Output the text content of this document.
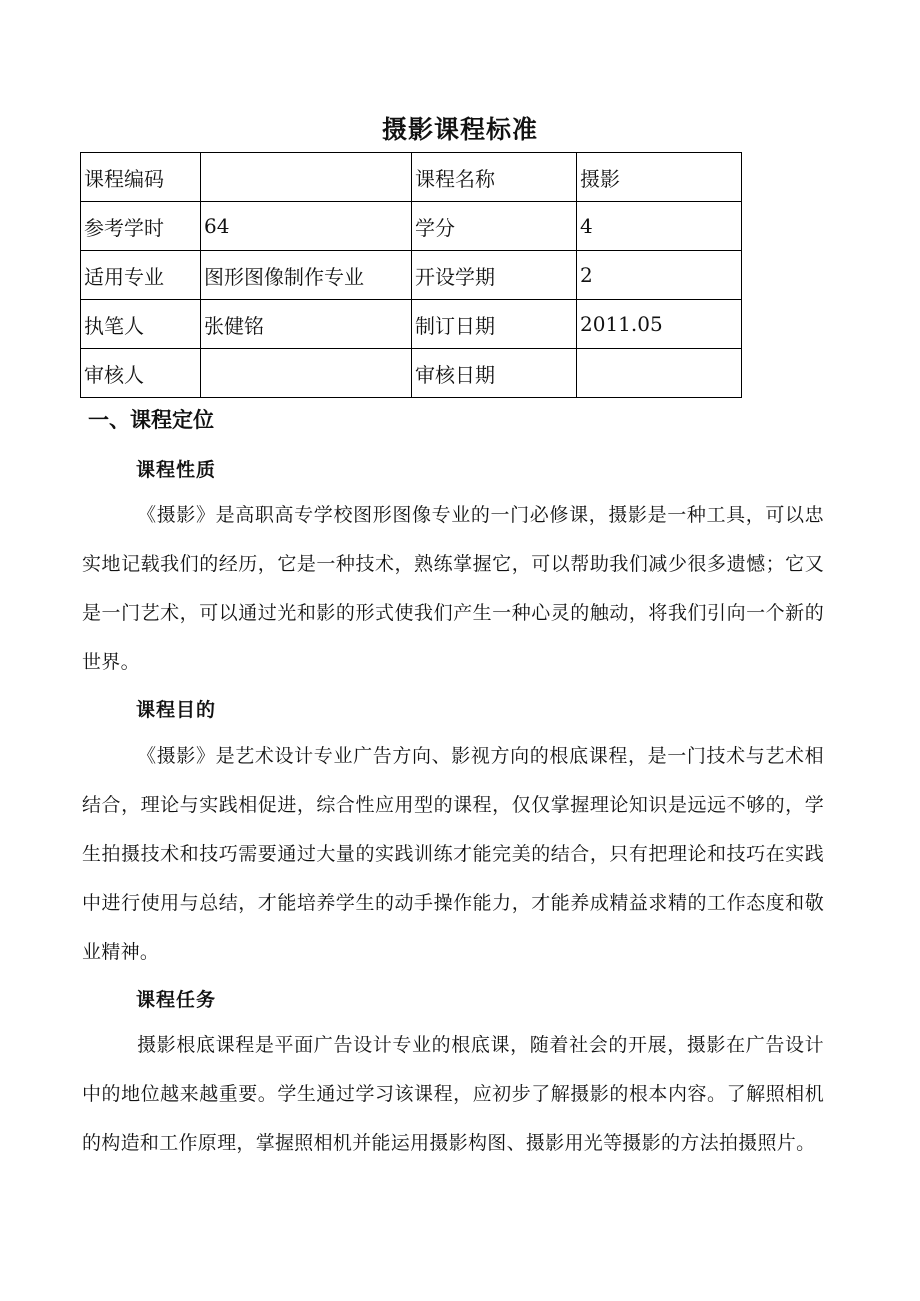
摄影课程标准
课程编码		课程名称	摄影
参考学时	64	学分	4
适用专业	图形图像制作专业	开设学期	2
执笔人	张健铭	制订日期	2011.05
审核人		审核日期	
一、课程定位
课程性质

《摄影》是高职高专学校图形图像专业的一门必修课，摄影是一种工具，可以忠实地记载我们的经历，它是一种技术，熟练掌握它，可以帮助我们减少很多遗憾；它又是一门艺术，可以通过光和影的形式使我们产生一种心灵的触动，将我们引向一个新的世界。

课程目的

《摄影》是艺术设计专业广告方向、影视方向的根底课程，是一门技术与艺术相结合，理论与实践相促进，综合性应用型的课程，仅仅掌握理论知识是远远不够的，学生拍摄技术和技巧需要通过大量的实践训练才能完美的结合，只有把理论和技巧在实践中进行使用与总结，才能培养学生的动手操作能力，才能养成精益求精的工作态度和敬业精神。

课程任务

摄影根底课程是平面广告设计专业的根底课，随着社会的开展，摄影在广告设计中的地位越来越重要。学生通过学习该课程，应初步了解摄影的根本内容。了解照相机的构造和工作原理，掌握照相机并能运用摄影构图、摄影用光等摄影的方法拍摄照片。
